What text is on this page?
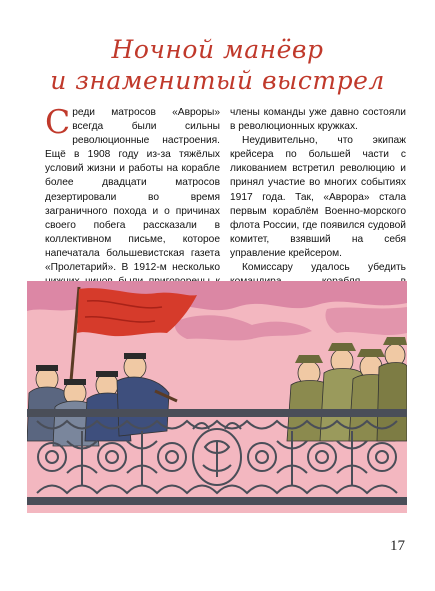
Ночной манёвр
и знаменитый выстрел

Среди матросов «Авроры» всегда были сильны революционные настроения. Ещё в 1908 году из-за тяжёлых условий жизни и работы на корабле более двадцати матросов дезертировали во время заграничного похода и о причинах своего побега рассказали в коллективном письме, которое напечатала большевистская газета «Пролетарий». В 1912-м несколько

члены команды уже давно состояли в революционных кружках.

Неудивительно, что экипаж крейсера по большей части с ликованием встретил революцию и принял участие во многих событиях 1917 года. Так, «Аврора» стала первым кораблём Военно-морского флота России, где появился судовой комитет, взявший на себя управление крейсером.

Комиссару удалось убедить

17
